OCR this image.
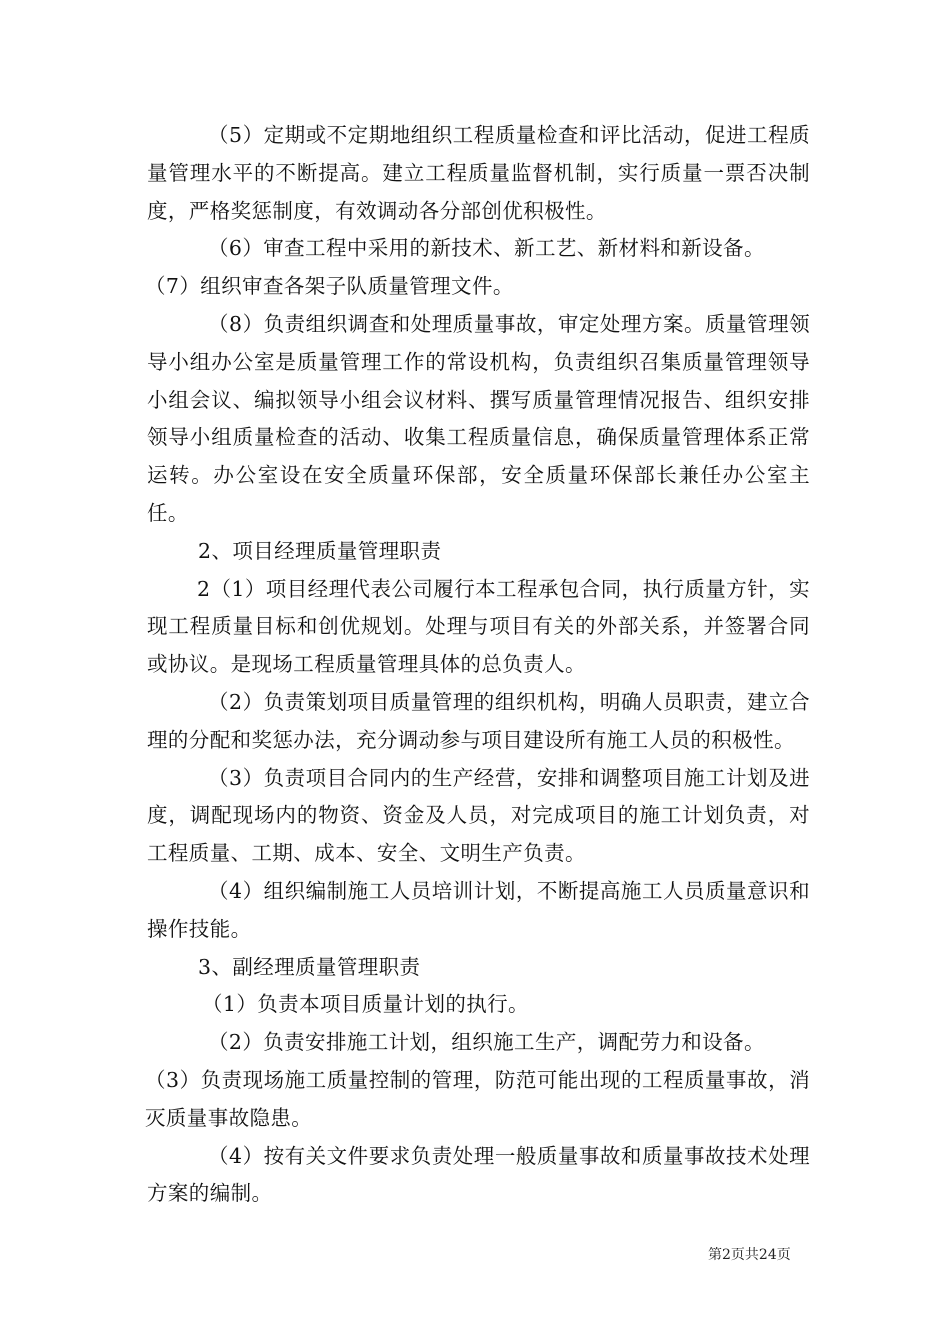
（5）定期或不定期地组织工程质量检查和评比活动，促进工程质量管理水平的不断提高。建立工程质量监督机制，实行质量一票否决制度，严格奖惩制度，有效调动各分部创优积极性。

（6）审查工程中采用的新技术、新工艺、新材料和新设备。

（7）组织审查各架子队质量管理文件。

（8）负责组织调查和处理质量事故，审定处理方案。质量管理领导小组办公室是质量管理工作的常设机构，负责组织召集质量管理领导小组会议、编拟领导小组会议材料、撰写质量管理情况报告、组织安排领导小组质量检查的活动、收集工程质量信息，确保质量管理体系正常运转。办公室设在安全质量环保部，安全质量环保部长兼任办公室主任。

2、项目经理质量管理职责

2（1）项目经理代表公司履行本工程承包合同，执行质量方针，实现工程质量目标和创优规划。处理与项目有关的外部关系，并签署合同或协议。是现场工程质量管理具体的总负责人。

（2）负责策划项目质量管理的组织机构，明确人员职责，建立合理的分配和奖惩办法，充分调动参与项目建设所有施工人员的积极性。

（3）负责项目合同内的生产经营，安排和调整项目施工计划及进度，调配现场内的物资、资金及人员，对完成项目的施工计划负责，对工程质量、工期、成本、安全、文明生产负责。

（4）组织编制施工人员培训计划，不断提高施工人员质量意识和操作技能。

3、副经理质量管理职责

（1）负责本项目质量计划的执行。

（2）负责安排施工计划，组织施工生产，调配劳力和设备。

（3）负责现场施工质量控制的管理，防范可能出现的工程质量事故，消灭质量事故隐患。

（4）按有关文件要求负责处理一般质量事故和质量事故技术处理方案的编制。

第2页共24页
